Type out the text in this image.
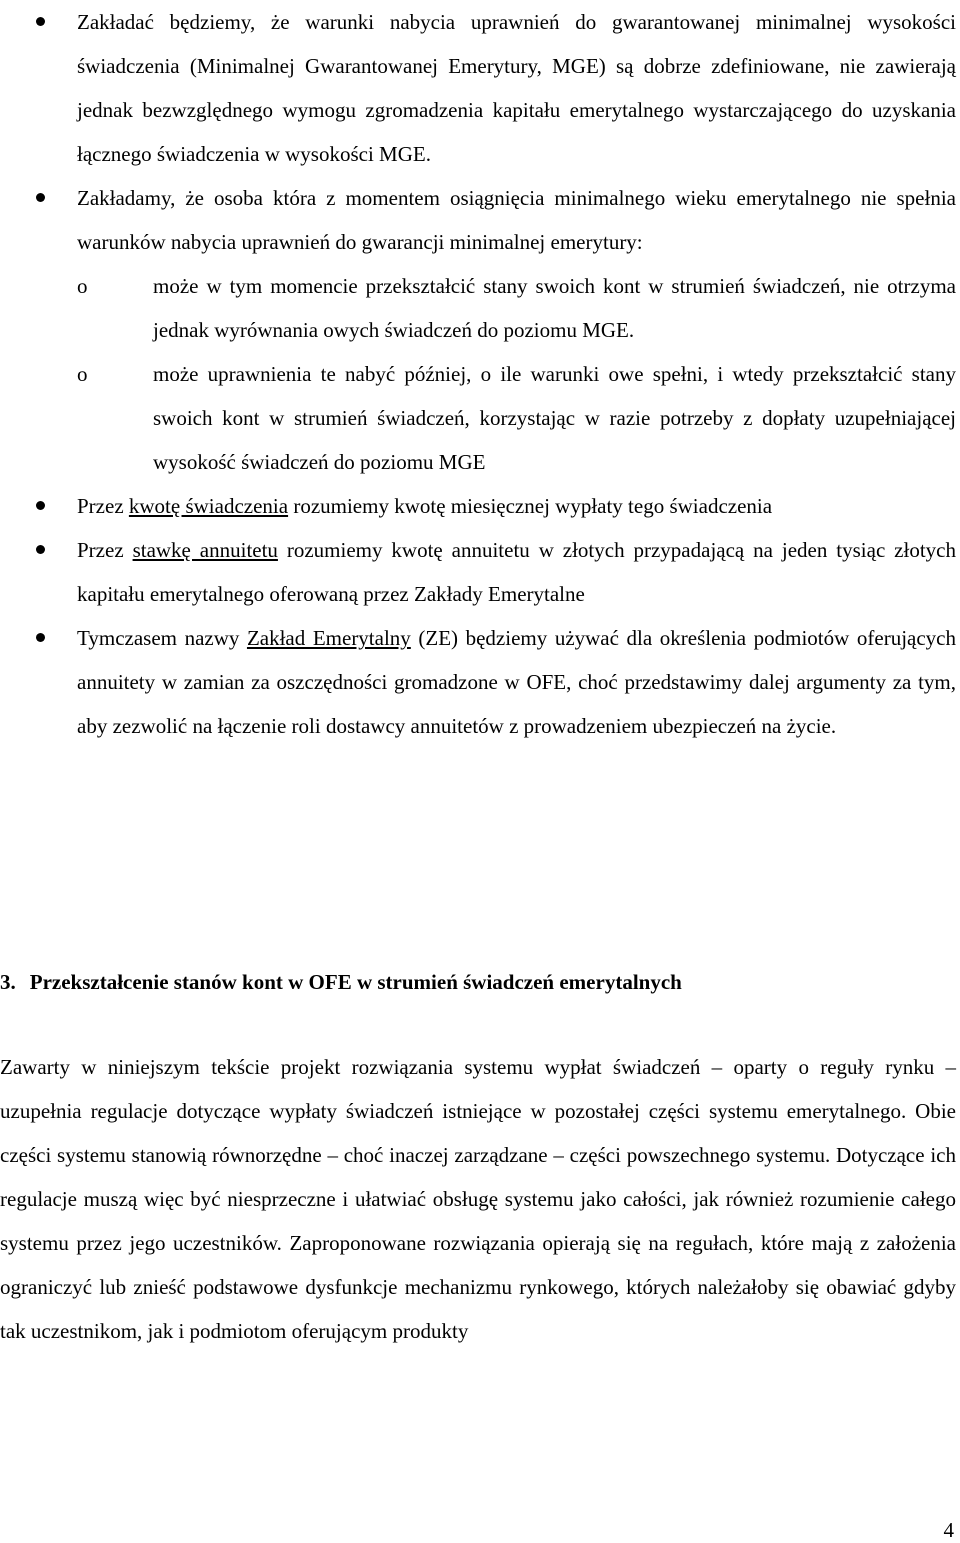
Zakładać będziemy, że warunki nabycia uprawnień do gwarantowanej minimalnej wysokości świadczenia (Minimalnej Gwarantowanej Emerytury, MGE) są dobrze zdefiniowane, nie zawierają jednak bezwzględnego wymogu zgromadzenia kapitału emerytalnego wystarczającego do uzyskania łącznego świadczenia w wysokości MGE.
Zakładamy, że osoba która z momentem osiągnięcia minimalnego wieku emerytalnego nie spełnia warunków nabycia uprawnień do gwarancji minimalnej emerytury:
o	może w tym momencie przekształcić stany swoich kont w strumień świadczeń, nie otrzyma jednak wyrównania owych świadczeń do poziomu MGE.
o	może uprawnienia te nabyć później, o ile warunki owe spełni, i wtedy przekształcić stany swoich kont w strumień świadczeń, korzystając w razie potrzeby z dopłaty uzupełniającej wysokość świadczeń do poziomu MGE
Przez kwotę świadczenia rozumiemy kwotę miesięcznej wypłaty tego świadczenia
Przez stawkę annuitetu rozumiemy kwotę annuitetu w złotych przypadającą na jeden tysiąc złotych kapitału emerytalnego oferowaną przez Zakłady Emerytalne
Tymczasem nazwy Zakład Emerytalny (ZE) będziemy używać dla określenia podmiotów oferujących annuitety w zamian za oszczędności gromadzone w OFE, choć przedstawimy dalej argumenty za tym, aby zezwolić na łączenie roli dostawcy annuitetów z prowadzeniem ubezpieczeń na życie.
3. Przekształcenie stanów kont w OFE w strumień świadczeń emerytalnych
Zawarty w niniejszym tekście projekt rozwiązania systemu wypłat świadczeń – oparty o reguły rynku – uzupełnia regulacje dotyczące wypłaty świadczeń istniejące w pozostałej części systemu emerytalnego. Obie części systemu stanowią równorzędne – choć inaczej zarządzane – części powszechnego systemu. Dotyczące ich regulacje muszą więc być niesprzeczne i ułatwiać obsługę systemu jako całości, jak również rozumienie całego systemu przez jego uczestników. Zaproponowane rozwiązania opierają się na regułach, które mają z założenia ograniczyć lub znieść podstawowe dysfunkcje mechanizmu rynkowego, których należałoby się obawiać gdyby tak uczestnikom, jak i podmiotom oferującym produkty
4
